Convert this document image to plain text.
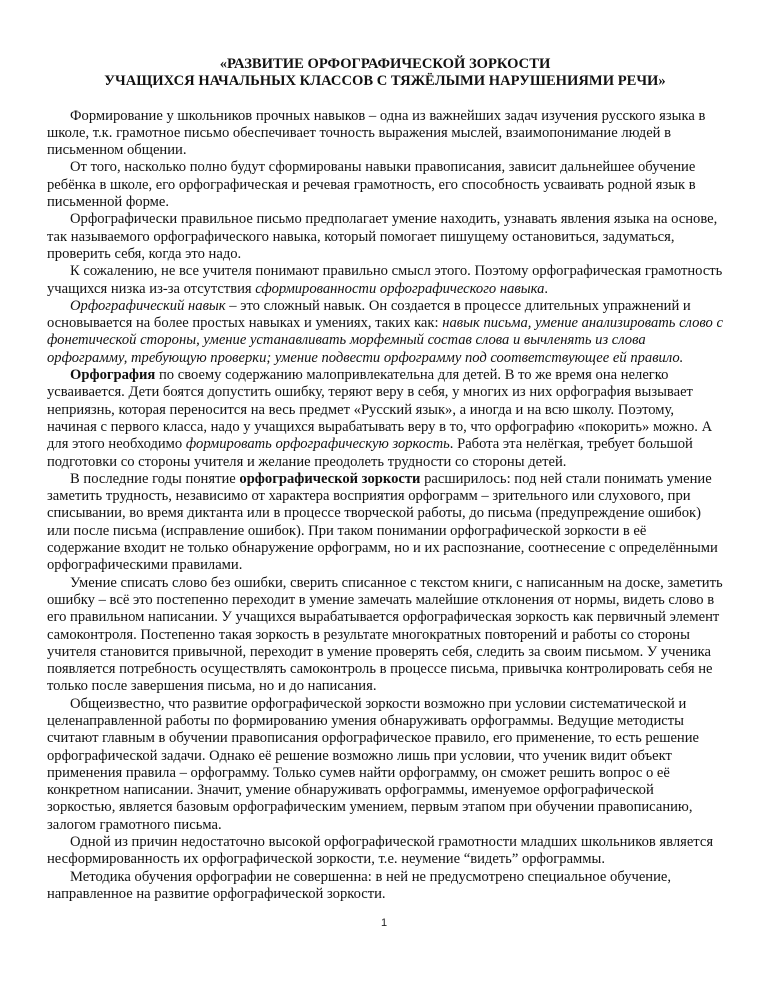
«РАЗВИТИЕ ОРФОГРАФИЧЕСКОЙ ЗОРКОСТИ
УЧАЩИХСЯ НАЧАЛЬНЫХ КЛАССОВ С ТЯЖЁЛЫМИ НАРУШЕНИЯМИ РЕЧИ»

Формирование у школьников прочных навыков – одна из важнейших задач изучения русского языка в школе, т.к. грамотное письмо обеспечивает точность выражения мыслей, взаимопонимание людей в письменном общении.

От того, насколько полно будут сформированы навыки правописания, зависит дальнейшее обучение ребёнка в школе, его орфографическая и речевая грамотность, его способность усваивать родной язык в письменной форме.

Орфографически правильное письмо предполагает умение находить, узнавать явления языка на основе, так называемого орфографического навыка, который помогает пишущему остановиться, задуматься, проверить себя, когда это надо.

К сожалению, не все учителя понимают правильно смысл этого. Поэтому орфографическая грамотность учащихся низка из-за отсутствия сформированности орфографического навыка.

Орфографический навык – это сложный навык. Он создается в процессе длительных упражнений и основывается на более простых навыках и умениях, таких как: навык письма, умение анализировать слово с фонетической стороны, умение устанавливать морфемный состав слова и вычленять из слова орфограмму, требующую проверки; умение подвести орфограмму под соответствующее ей правило.

Орфография по своему содержанию малопривлекательна для детей. В то же время она нелегко усваивается. Дети боятся допустить ошибку, теряют веру в себя, у многих из них орфография вызывает неприязнь, которая переносится на весь предмет «Русский язык», а иногда и на всю школу. Поэтому, начиная с первого класса, надо у учащихся вырабатывать веру в то, что орфографию «покорить» можно. А для этого необходимо формировать орфографическую зоркость. Работа эта нелёгкая, требует большой подготовки со стороны учителя и желание преодолеть трудности со стороны детей.

В последние годы понятие орфографической зоркости расширилось: под ней стали понимать умение заметить трудность, независимо от характера восприятия орфограмм – зрительного или слухового, при списывании, во время диктанта или в процессе творческой работы, до письма (предупреждение ошибок) или после письма (исправление ошибок). При таком понимании орфографической зоркости в её содержание входит не только обнаружение орфограмм, но и их распознание, соотнесение с определёнными орфографическими правилами.

Умение списать слово без ошибки, сверить списанное с текстом книги, с написанным на доске, заметить ошибку – всё это постепенно переходит в умение замечать малейшие отклонения от нормы, видеть слово в его правильном написании. У учащихся вырабатывается орфографическая зоркость как первичный элемент самоконтроля. Постепенно такая зоркость в результате многократных повторений и работы со стороны учителя становится привычной, переходит в умение проверять себя, следить за своим письмом. У ученика появляется потребность осуществлять самоконтроль в процессе письма, привычка контролировать себя не только после завершения письма, но и до написания.

Общеизвестно, что развитие орфографической зоркости возможно при условии систематической и целенаправленной работы по формированию умения обнаруживать орфограммы. Ведущие методисты считают главным в обучении правописания орфографическое правило, его применение, то есть решение орфографической задачи. Однако её решение возможно лишь при условии, что ученик видит объект применения правила – орфограмму. Только сумев найти орфограмму, он сможет решить вопрос о её конкретном написании. Значит, умение обнаруживать орфограммы, именуемое орфографической зоркостью, является базовым орфографическим умением, первым этапом при обучении правописанию, залогом грамотного письма.

Одной из причин недостаточно высокой орфографической грамотности младших школьников является несформированность их орфографической зоркости, т.е. неумение “видеть” орфограммы.

Методика обучения орфографии не совершенна: в ней не предусмотрено специальное обучение, направленное на развитие орфографической зоркости.

1
